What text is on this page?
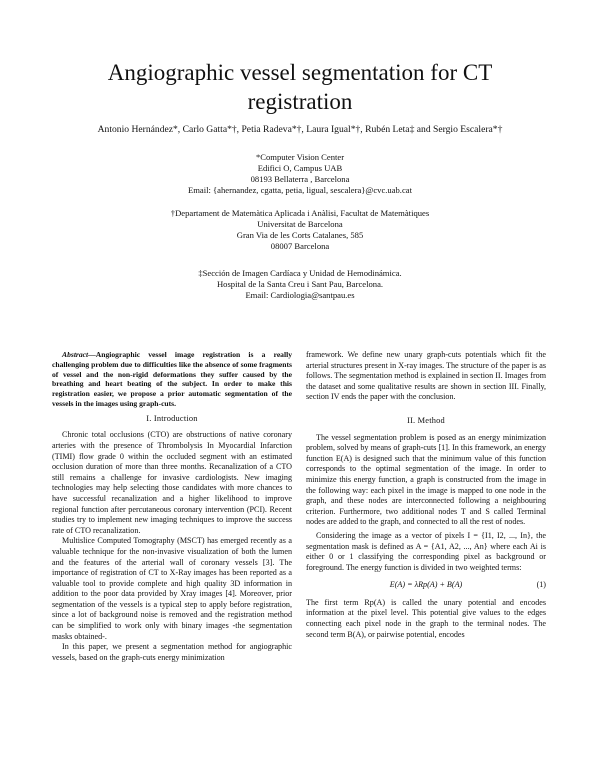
Angiographic vessel segmentation for CT registration
Antonio Hernández*, Carlo Gatta*†, Petia Radeva*†, Laura Igual*†, Rubén Leta‡ and Sergio Escalera*†
*Computer Vision Center
Edifici O, Campus UAB
08193 Bellaterra , Barcelona
Email: {ahernandez, cgatta, petia, ligual, sescalera}@cvc.uab.cat
†Departament de Matemàtica Aplicada i Anàlisi, Facultat de Matemàtiques
Universitat de Barcelona
Gran Via de les Corts Catalanes, 585
08007 Barcelona
‡Sección de Imagen Cardíaca y Unidad de Hemodinámica.
Hospital de la Santa Creu i Sant Pau, Barcelona.
Email: Cardiologia@santpau.es

Abstract—Angiographic vessel image registration is a really challenging problem due to difficulties like the absence of some fragments of vessel and the non-rigid deformations they suffer caused by the breathing and heart beating of the subject. In order to make this registration easier, we propose a prior automatic segmentation of the vessels in the images using graph-cuts.

I. Introduction

Chronic total occlusions (CTO) are obstructions of native coronary arteries with the presence of Thrombolysis In Myocardial Infarction (TIMI) flow grade 0 within the occluded segment with an estimated occlusion duration of more than three months. Recanalization of a CTO still remains a challenge for invasive cardiologists. New imaging technologies may help selecting those candidates with more chances to have successful recanalization and a higher likelihood to improve regional function after percutaneous coronary intervention (PCI). Recent studies try to implement new imaging techniques to improve the success rate of CTO recanalization.

Multislice Computed Tomography (MSCT) has emerged recently as a valuable technique for the non-invasive visualization of both the lumen and the features of the arterial wall of coronary vessels [3]. The importance of registration of CT to X-Ray images has been reported as a valuable tool to provide complete and high quality 3D information in addition to the poor data provided by Xray images [4]. Moreover, prior segmentation of the vessels is a typical step to apply before registration, since a lot of background noise is removed and the registration method can be simplified to work only with binary images -the segmentation masks obtained-.

In this paper, we present a segmentation method for angiographic vessels, based on the graph-cuts energy minimization

framework. We define new unary graph-cuts potentials which fit the arterial structures present in X-ray images. The structure of the paper is as follows. The segmentation method is explained in section II. Images from the dataset and some qualitative results are shown in section III. Finally, section IV ends the paper with the conclusion.

II. Method

The vessel segmentation problem is posed as an energy minimization problem, solved by means of graph-cuts [1]. In this framework, an energy function E(A) is designed such that the minimum value of this function corresponds to the optimal segmentation of the image. In order to minimize this energy function, a graph is constructed from the image in the following way: each pixel in the image is mapped to one node in the graph, and these nodes are interconnected following a neighbouring criterion. Furthermore, two additional nodes T and S called Terminal nodes are added to the graph, and connected to all the rest of nodes.

Considering the image as a vector of pixels I = {I1, I2, ..., In}, the segmentation mask is defined as A = {A1, A2, ..., An} where each Ai is either 0 or 1 classifying the corresponding pixel as background or foreground. The energy function is divided in two weighted terms:

E(A) = λRp(A) + B(A)	(1)

The first term Rp(A) is called the unary potential and encodes information at the pixel level. This potential give values to the edges connecting each pixel node in the graph to the terminal nodes. The second term B(A), or pairwise potential, encodes
